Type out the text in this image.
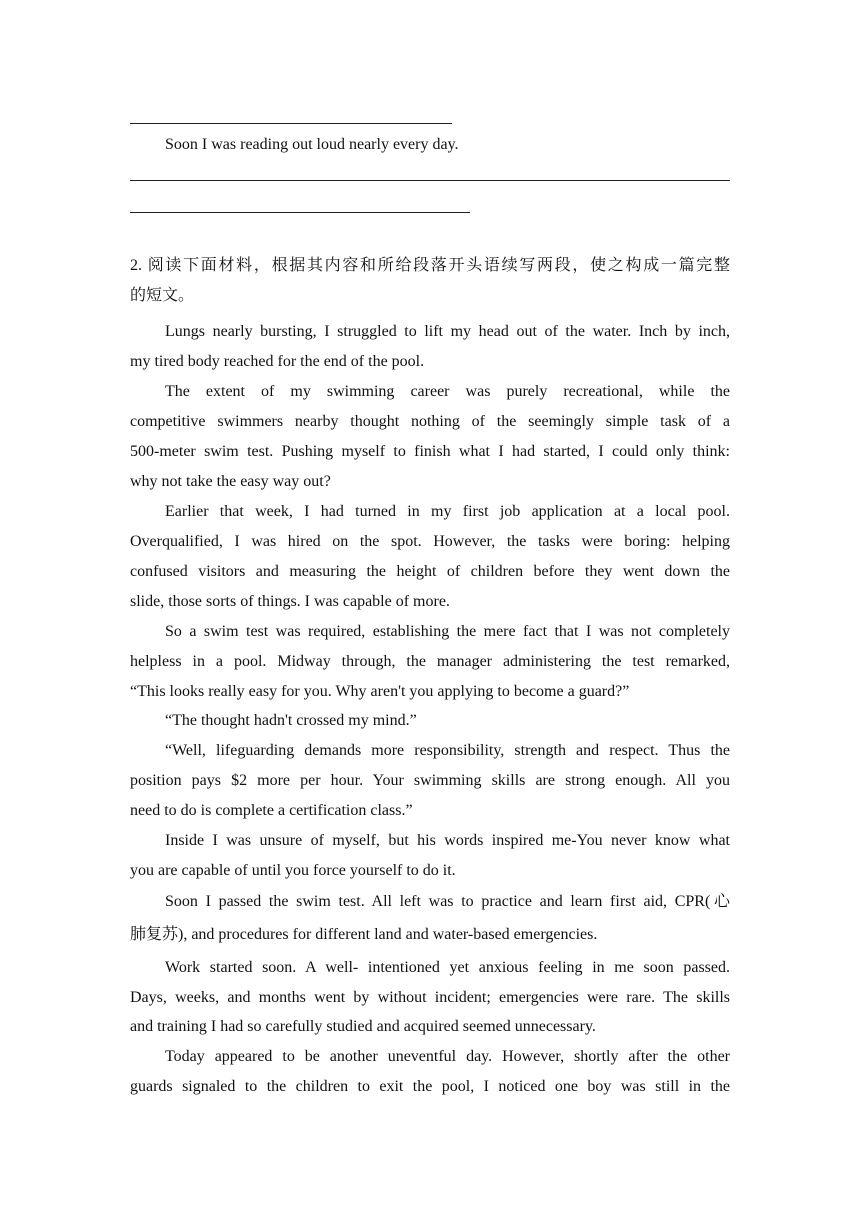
Soon I was reading out loud nearly every day.
2. 阅读下面材料，根据其内容和所给段落开头语续写两段，使之构成一篇完整
的短文。
Lungs nearly bursting, I struggled to lift my head out of the water. Inch by inch,
my tired body reached for the end of the pool.
The extent of my swimming career was purely recreational, while the
competitive swimmers nearby thought nothing of the seemingly simple task of a
500-meter swim test. Pushing myself to finish what I had started, I could only think:
why not take the easy way out?
Earlier that week, I had turned in my first job application at a local pool.
Overqualified, I was hired on the spot. However, the tasks were boring: helping
confused visitors and measuring the height of children before they went down the
slide, those sorts of things. I was capable of more.
So a swim test was required, establishing the mere fact that I was not completely
helpless in a pool. Midway through, the manager administering the test remarked,
“This looks really easy for you. Why aren't you applying to become a guard?”
“The thought hadn't crossed my mind.”
“Well, lifeguarding demands more responsibility, strength and respect. Thus the
position pays $2 more per hour. Your swimming skills are strong enough. All you
need to do is complete a certification class.”
Inside I was unsure of myself, but his words inspired me-You never know what
you are capable of until you force yourself to do it.
Soon I passed the swim test. All left was to practice and learn first aid, CPR(心
肺复苏), and procedures for different land and water-based emergencies.
Work started soon. A well- intentioned yet anxious feeling in me soon passed.
Days, weeks, and months went by without incident; emergencies were rare. The skills
and training I had so carefully studied and acquired seemed unnecessary.
Today appeared to be another uneventful day. However, shortly after the other
guards signaled to the children to exit the pool, I noticed one boy was still in the
